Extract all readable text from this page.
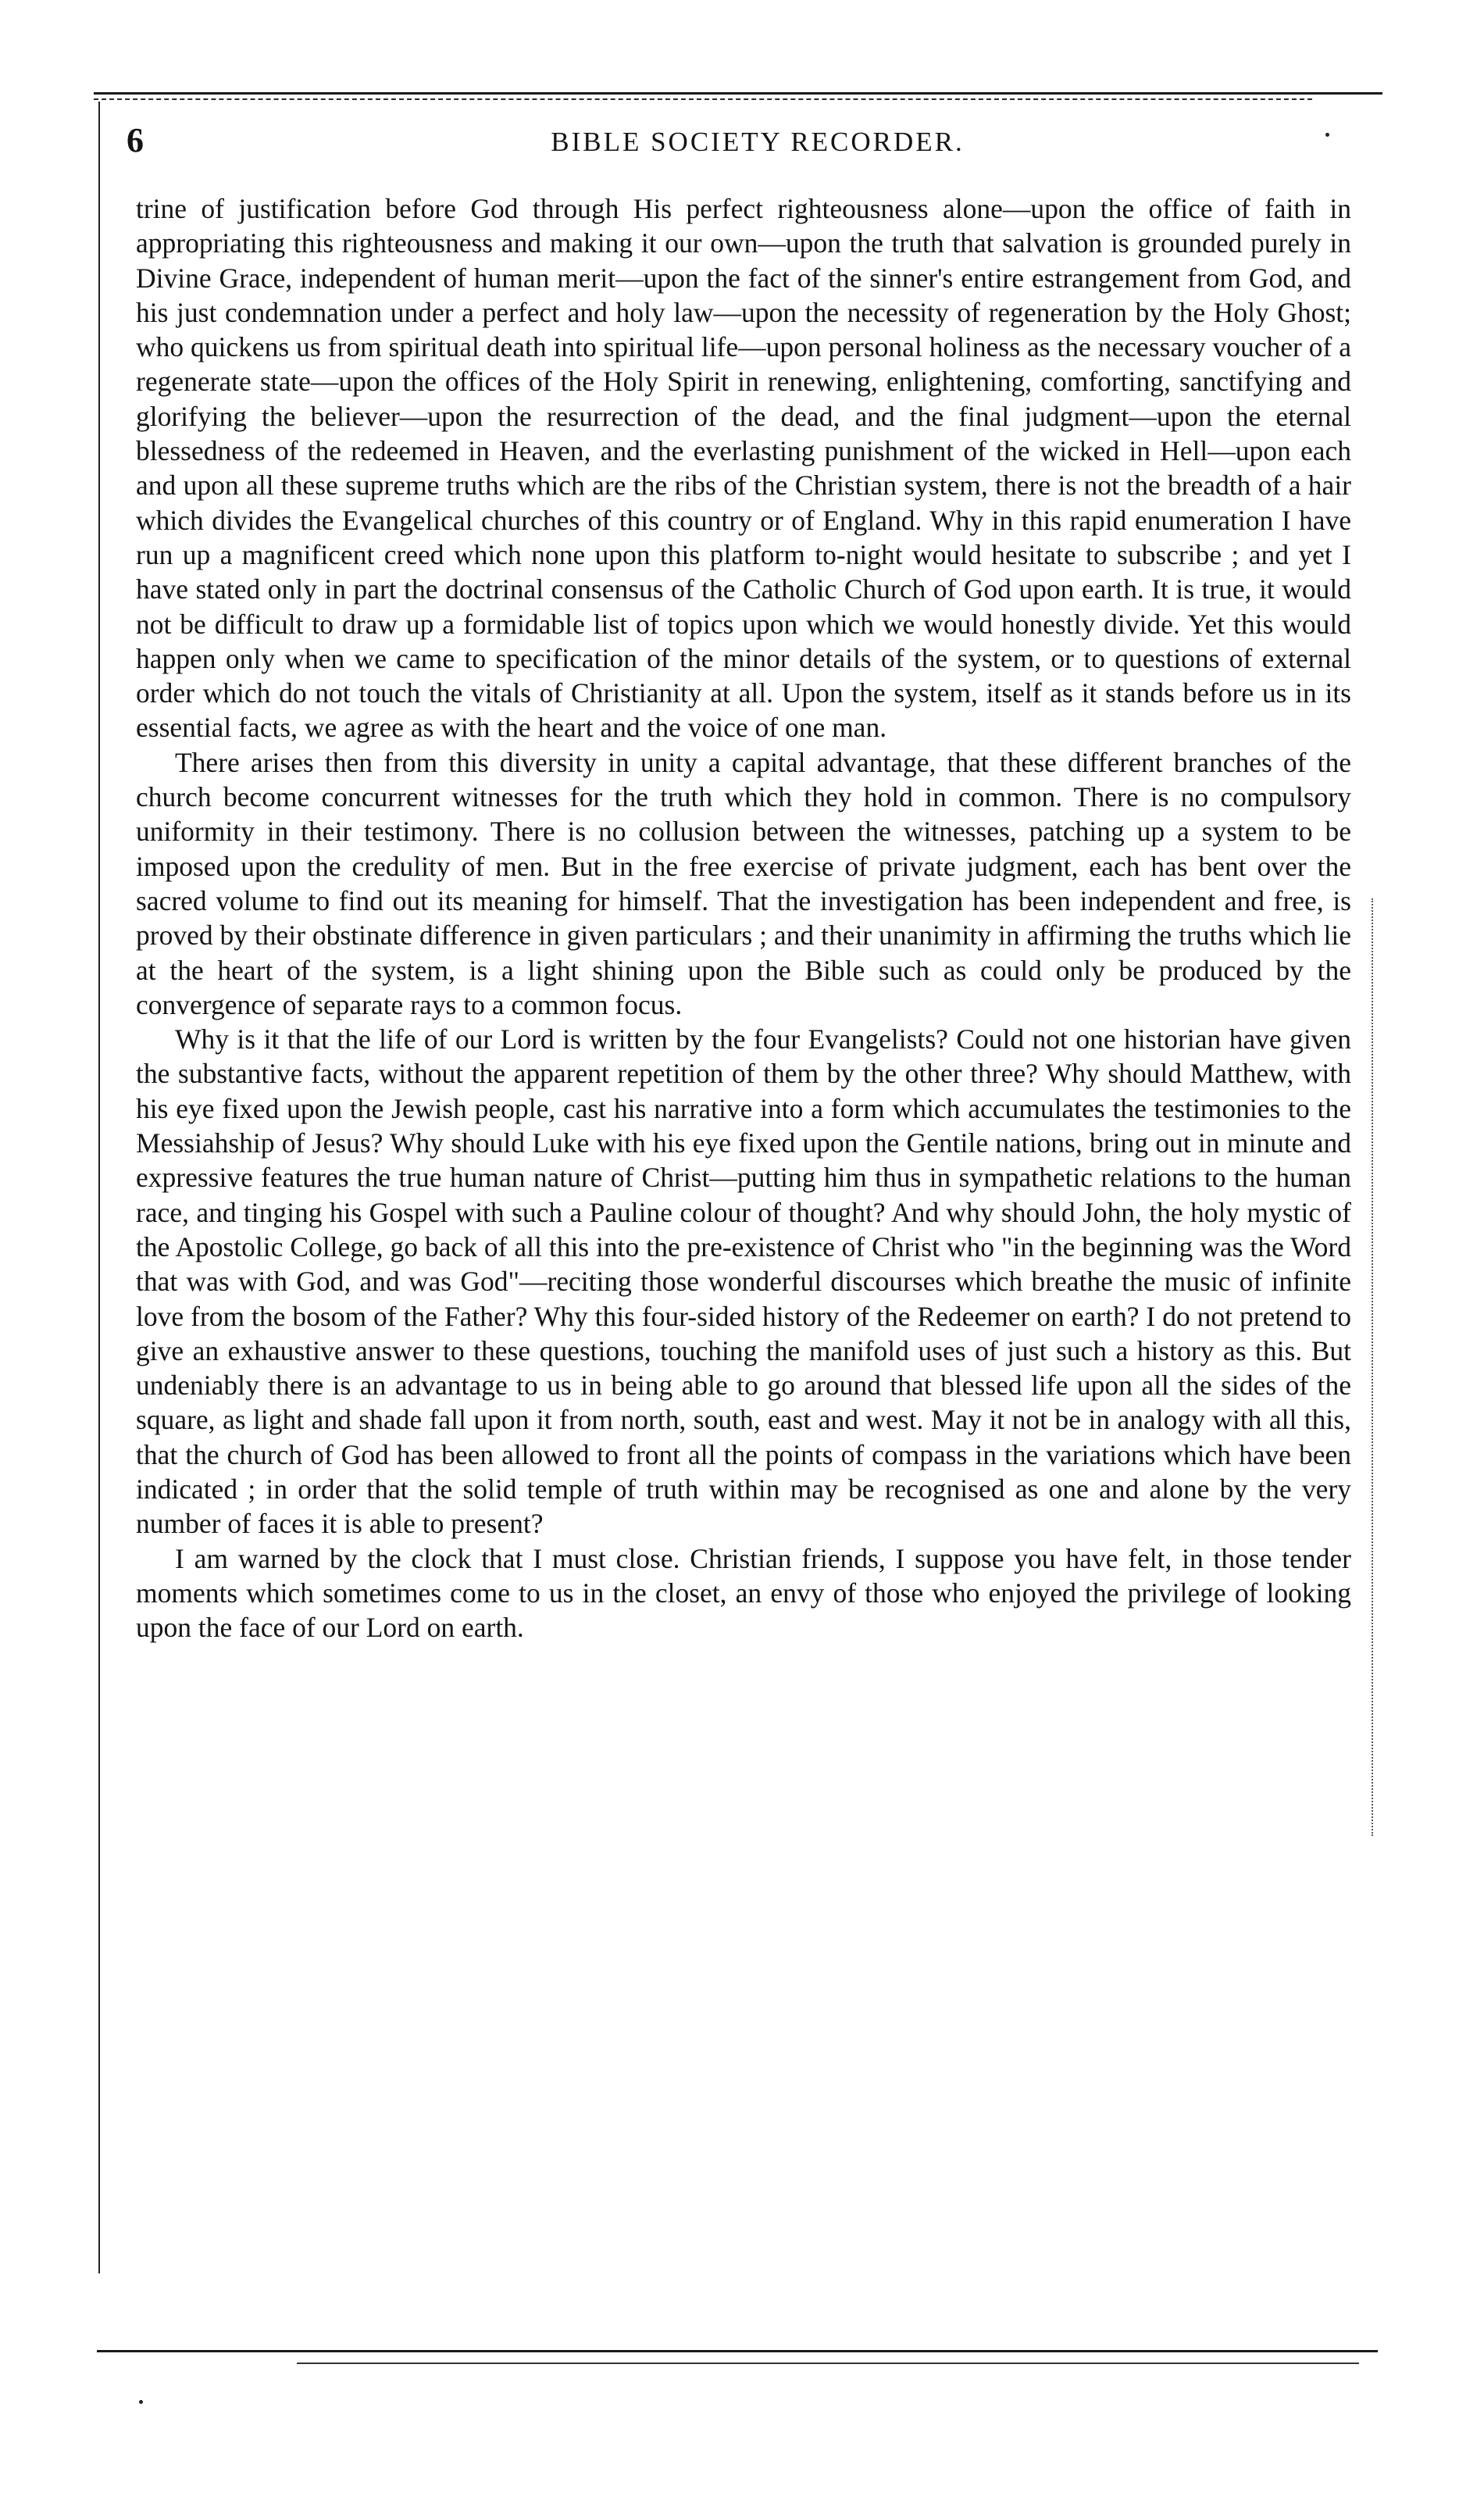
6	BIBLE SOCIETY RECORDER.

trine of justification before God through His perfect righteousness alone—upon the office of faith in appropriating this righteousness and making it our own—upon the truth that salvation is grounded purely in Divine Grace, independent of human merit—upon the fact of the sinner's entire estrangement from God, and his just condemnation under a perfect and holy law—upon the necessity of regeneration by the Holy Ghost; who quickens us from spiritual death into spiritual life—upon personal holiness as the necessary voucher of a regenerate state—upon the offices of the Holy Spirit in renewing, enlightening, comforting, sanctifying and glorifying the believer—upon the resurrection of the dead, and the final judgment—upon the eternal blessedness of the redeemed in Heaven, and the everlasting punishment of the wicked in Hell—upon each and upon all these supreme truths which are the ribs of the Christian system, there is not the breadth of a hair which divides the Evangelical churches of this country or of England. Why in this rapid enumeration I have run up a magnificent creed which none upon this platform to-night would hesitate to subscribe ; and yet I have stated only in part the doctrinal consensus of the Catholic Church of God upon earth. It is true, it would not be difficult to draw up a formidable list of topics upon which we would honestly divide. Yet this would happen only when we came to specification of the minor details of the system, or to questions of external order which do not touch the vitals of Christianity at all. Upon the system, itself as it stands before us in its essential facts, we agree as with the heart and the voice of one man.

There arises then from this diversity in unity a capital advantage, that these different branches of the church become concurrent witnesses for the truth which they hold in common. There is no compulsory uniformity in their testimony. There is no collusion between the witnesses, patching up a system to be imposed upon the credulity of men. But in the free exercise of private judgment, each has bent over the sacred volume to find out its meaning for himself. That the investigation has been independent and free, is proved by their obstinate difference in given particulars ; and their unanimity in affirming the truths which lie at the heart of the system, is a light shining upon the Bible such as could only be produced by the convergence of separate rays to a common focus.

Why is it that the life of our Lord is written by the four Evangelists? Could not one historian have given the substantive facts, without the apparent repetition of them by the other three? Why should Matthew, with his eye fixed upon the Jewish people, cast his narrative into a form which accumulates the testimonies to the Messiahship of Jesus? Why should Luke with his eye fixed upon the Gentile nations, bring out in minute and expressive features the true human nature of Christ—putting him thus in sympathetic relations to the human race, and tinging his Gospel with such a Pauline colour of thought? And why should John, the holy mystic of the Apostolic College, go back of all this into the pre-existence of Christ who "in the beginning was the Word that was with God, and was God"—reciting those wonderful discourses which breathe the music of infinite love from the bosom of the Father? Why this four-sided history of the Redeemer on earth? I do not pretend to give an exhaustive answer to these questions, touching the manifold uses of just such a history as this. But undeniably there is an advantage to us in being able to go around that blessed life upon all the sides of the square, as light and shade fall upon it from north, south, east and west. May it not be in analogy with all this, that the church of God has been allowed to front all the points of compass in the variations which have been indicated ; in order that the solid temple of truth within may be recognised as one and alone by the very number of faces it is able to present?

I am warned by the clock that I must close. Christian friends, I suppose you have felt, in those tender moments which sometimes come to us in the closet, an envy of those who enjoyed the privilege of looking upon the face of our Lord on earth.
